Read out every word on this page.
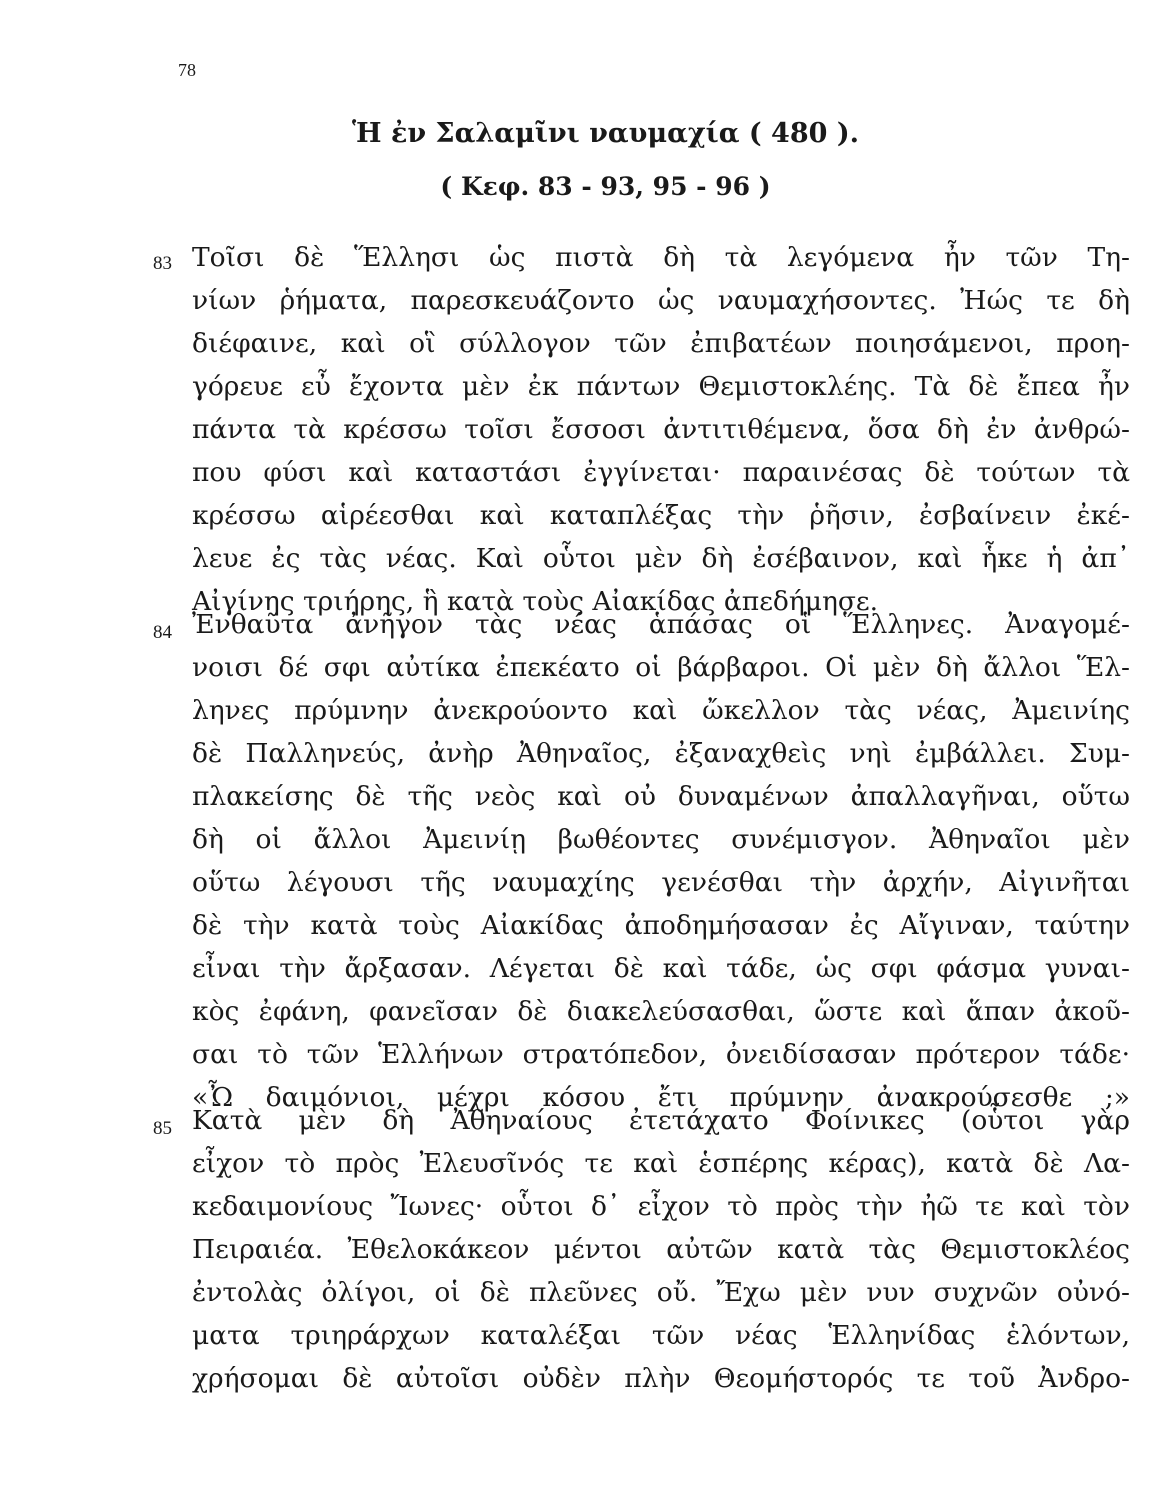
78
Ἡ ἐν Σαλαμῖνι ναυμαχία ( 480 ).
( Κεφ. 83 - 93, 95 - 96 )
83 Τοῖσι δὲ Ἕλλησι ὡς πιστὰ δὴ τὰ λεγόμενα ἦν τῶν Τη-
νίων ῥήματα, παρεσκευάζοντο ὡς ναυμαχήσοντες. Ἠώς τε δὴ
διέφαινε, καὶ οἳ σύλλογον τῶν ἐπιβατέων ποιησάμενοι, προη-
γόρευε εὖ ἔχοντα μὲν ἐκ πάντων Θεμιστοκλέης. Τὰ δὲ ἔπεα ἦν
πάντα τὰ κρέσσω τοῖσι ἔσσοσι ἀντιτιθέμενα, ὅσα δὴ ἐν ἀνθρώ-
που φύσι καὶ καταστάσι ἐγγίνεται· παραινέσας δὲ τούτων τὰ
κρέσσω αἱρέεσθαι καὶ καταπλέξας τὴν ῥῆσιν, ἐσβαίνειν ἐκέ-
λευε ἐς τὰς νέας. Καὶ οὗτοι μὲν δὴ ἐσέβαινον, καὶ ἧκε ἡ ἀπ᾿
Αἰγίνης τριήρης, ἣ κατὰ τοὺς Αἰακίδας ἀπεδήμησε.
84 Ἐνθαῦτα ἀνῆγον τὰς νέας ἁπάσας οἱ Ἕλληνες. Ἀναγομέ-
νοισι δέ σφι αὐτίκα ἐπεκέατο οἱ βάρβαροι. Οἱ μὲν δὴ ἄλλοι Ἕλ-
ληνες πρύμνην ἀνεκρούοντο καὶ ὤκελλον τὰς νέας, Ἀμεινίης
δὲ Παλληνεύς, ἀνὴρ Ἀθηναῖος, ἐξαναχθεὶς νηὶ ἐμβάλλει. Συμ-
πλακείσης δὲ τῆς νεὸς καὶ οὐ δυναμένων ἀπαλλαγῆναι, οὕτω
δὴ οἱ ἄλλοι Ἀμεινίῃ βωθέοντες συνέμισγον. Ἀθηναῖοι μὲν
οὕτω λέγουσι τῆς ναυμαχίης γενέσθαι τὴν ἀρχήν, Αἰγινῆται
δὲ τὴν κατὰ τοὺς Αἰακίδας ἀποδημήσασαν ἐς Αἴγιναν, ταύτην
εἶναι τὴν ἄρξασαν. Λέγεται δὲ καὶ τάδε, ὡς σφι φάσμα γυναι-
κὸς ἐφάνη, φανεῖσαν δὲ διακελεύσασθαι, ὥστε καὶ ἅπαν ἀκοῦ-
σαι τὸ τῶν Ἑλλήνων στρατόπεδον, ὀνειδίσασαν πρότερον τάδε·
«Ὦ δαιμόνιοι, μέχρι κόσου ἔτι πρύμνην ἀνακρούσεσθε ;»
85 Κατὰ μὲν δὴ Ἀθηναίους ἐτετάχατο Φοίνικες (οὗτοι γὰρ
εἶχον τὸ πρὸς Ἐλευσῖνός τε καὶ ἑσπέρης κέρας), κατὰ δὲ Λα-
κεδαιμονίους Ἴωνες· οὗτοι δ᾿ εἶχον τὸ πρὸς τὴν ἠῶ τε καὶ τὸν
Πειραιέα. Ἐθελοκάκεον μέντοι αὐτῶν κατὰ τὰς Θεμιστοκλέος
ἐντολὰς ὀλίγοι, οἱ δὲ πλεῦνες οὔ. Ἔχω μὲν νυν συχνῶν οὐνό-
ματα τριηράρχων καταλέξαι τῶν νέας Ἑλληνίδας ἑλόντων,
χρήσομαι δὲ αὐτοῖσι οὐδὲν πλὴν Θεομήστορός τε τοῦ Ἀνδρο-
